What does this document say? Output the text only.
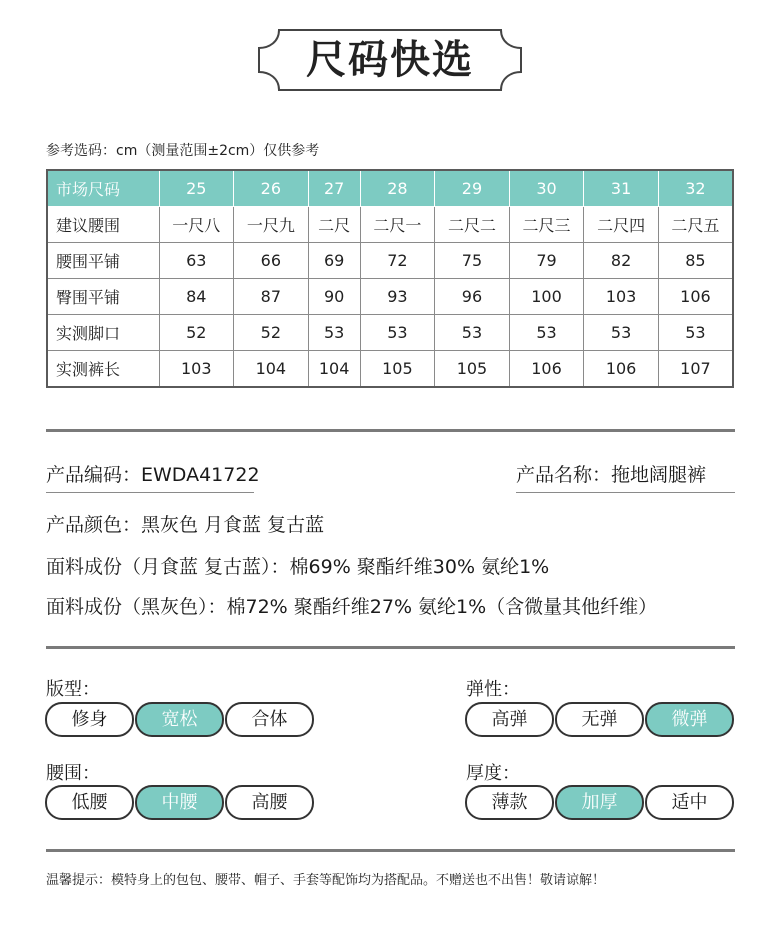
尺码快选
参考选码：cm（测量范围±2cm）仅供参考
市场尺码	25	26	27	28	29	30	31	32
建议腰围	一尺八	一尺九	二尺	二尺一	二尺二	二尺三	二尺四	二尺五
腰围平铺	63	66	69	72	75	79	82	85
臀围平铺	84	87	90	93	96	100	103	106
实测脚口	52	52	53	53	53	53	53	53
实测裤长	103	104	104	105	105	106	106	107
产品编码：EWDA41722	产品名称：拖地阔腿裤
产品颜色：黑灰色 月食蓝 复古蓝
面料成份（月食蓝 复古蓝）：棉69% 聚酯纤维30% 氨纶1%
面料成份（黑灰色）：棉72% 聚酯纤维27% 氨纶1%（含微量其他纤维）
版型：
修身	宽松	合体
弹性：
高弹	无弹	微弹
腰围：
低腰	中腰	高腰
厚度：
薄款	加厚	适中
温馨提示：模特身上的包包、腰带、帽子、手套等配饰均为搭配品。不赠送也不出售！敬请谅解！
